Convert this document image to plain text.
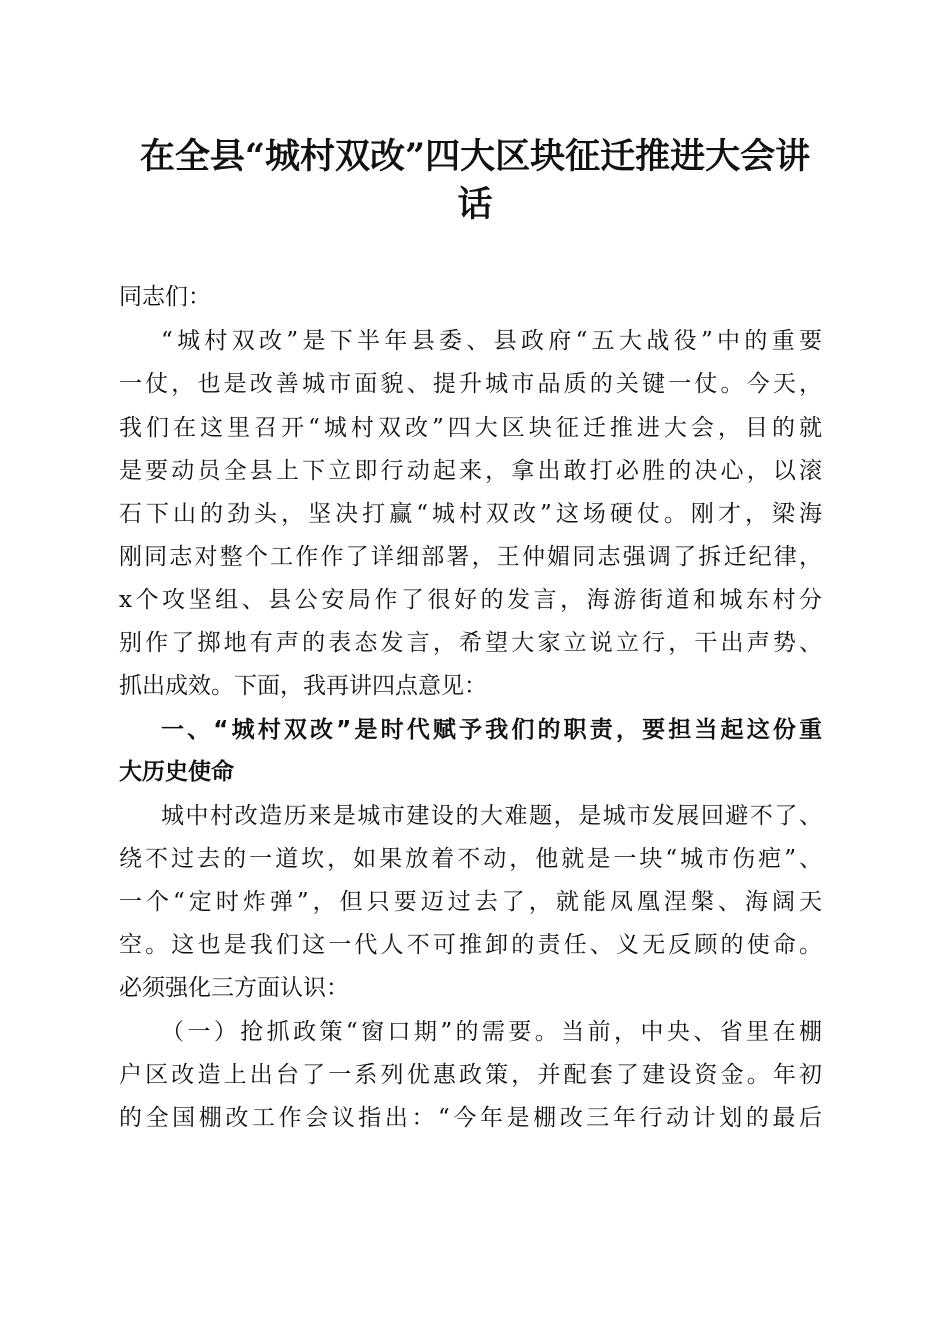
在全县“城村双改”四大区块征迁推进大会讲
话
同志们：
“城村双改”是下半年县委、县政府“五大战役”中的重要
一仗，也是改善城市面貌、提升城市品质的关键一仗。今天，
我们在这里召开“城村双改”四大区块征迁推进大会，目的就
是要动员全县上下立即行动起来，拿出敢打必胜的决心，以滚
石下山的劲头，坚决打赢“城村双改”这场硬仗。刚才，梁海
刚同志对整个工作作了详细部署，王仲媚同志强调了拆迁纪律，
x个攻坚组、县公安局作了很好的发言，海游街道和城东村分
别作了掷地有声的表态发言，希望大家立说立行，干出声势、
抓出成效。下面，我再讲四点意见：
一、“城村双改”是时代赋予我们的职责，要担当起这份重
大历史使命
城中村改造历来是城市建设的大难题，是城市发展回避不了、
绕不过去的一道坎，如果放着不动，他就是一块“城市伤疤”、
一个“定时炸弹”，但只要迈过去了，就能凤凰涅槃、海阔天
空。这也是我们这一代人不可推卸的责任、义无反顾的使命。
必须强化三方面认识：
（一）抢抓政策“窗口期”的需要。当前，中央、省里在棚
户区改造上出台了一系列优惠政策，并配套了建设资金。年初
的全国棚改工作会议指出：“今年是棚改三年行动计划的最后
